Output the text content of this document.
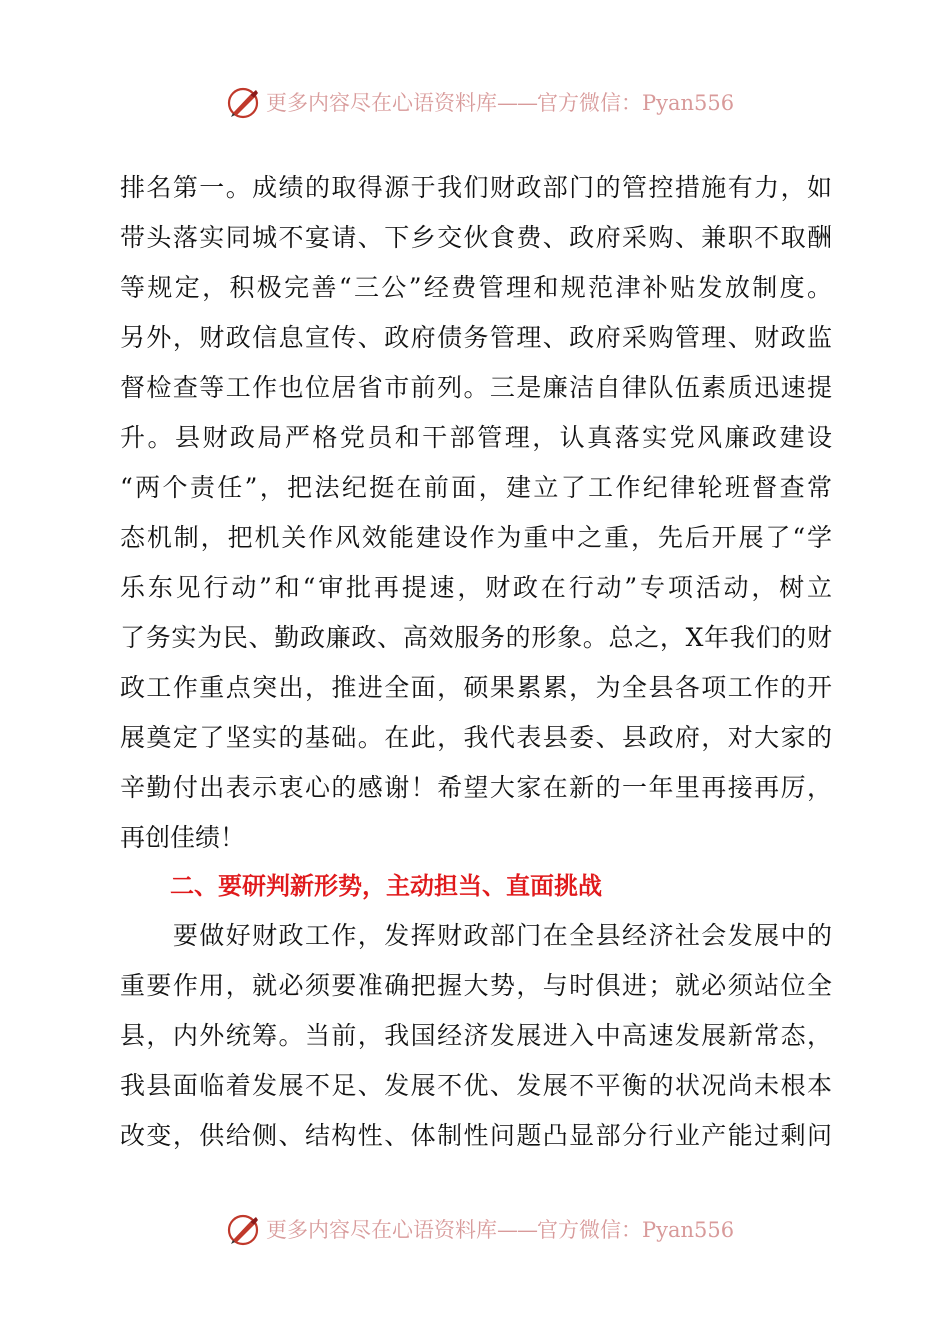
更多内容尽在心语资料库——官方微信：Pyan556
排名第一。成绩的取得源于我们财政部门的管控措施有力，如
带头落实同城不宴请、下乡交伙食费、政府采购、兼职不取酬
等规定，积极完善“三公”经费管理和规范津补贴发放制度。
另外，财政信息宣传、政府债务管理、政府采购管理、财政监
督检查等工作也位居省市前列。三是廉洁自律队伍素质迅速提
升。县财政局严格党员和干部管理，认真落实党风廉政建设
“两个责任”，把法纪挺在前面，建立了工作纪律轮班督查常
态机制，把机关作风效能建设作为重中之重，先后开展了“学
乐东见行动”和“审批再提速，财政在行动”专项活动，树立
了务实为民、勤政廉政、高效服务的形象。总之，X年我们的财
政工作重点突出，推进全面，硕果累累，为全县各项工作的开
展奠定了坚实的基础。在此，我代表县委、县政府，对大家的
辛勤付出表示衷心的感谢！希望大家在新的一年里再接再厉，
再创佳绩！
二、要研判新形势，主动担当、直面挑战
　　要做好财政工作，发挥财政部门在全县经济社会发展中的
重要作用，就必须要准确把握大势，与时俱进；就必须站位全
县，内外统筹。当前，我国经济发展进入中高速发展新常态，
我县面临着发展不足、发展不优、发展不平衡的状况尚未根本
改变，供给侧、结构性、体制性问题凸显部分行业产能过剩问
更多内容尽在心语资料库——官方微信：Pyan556
